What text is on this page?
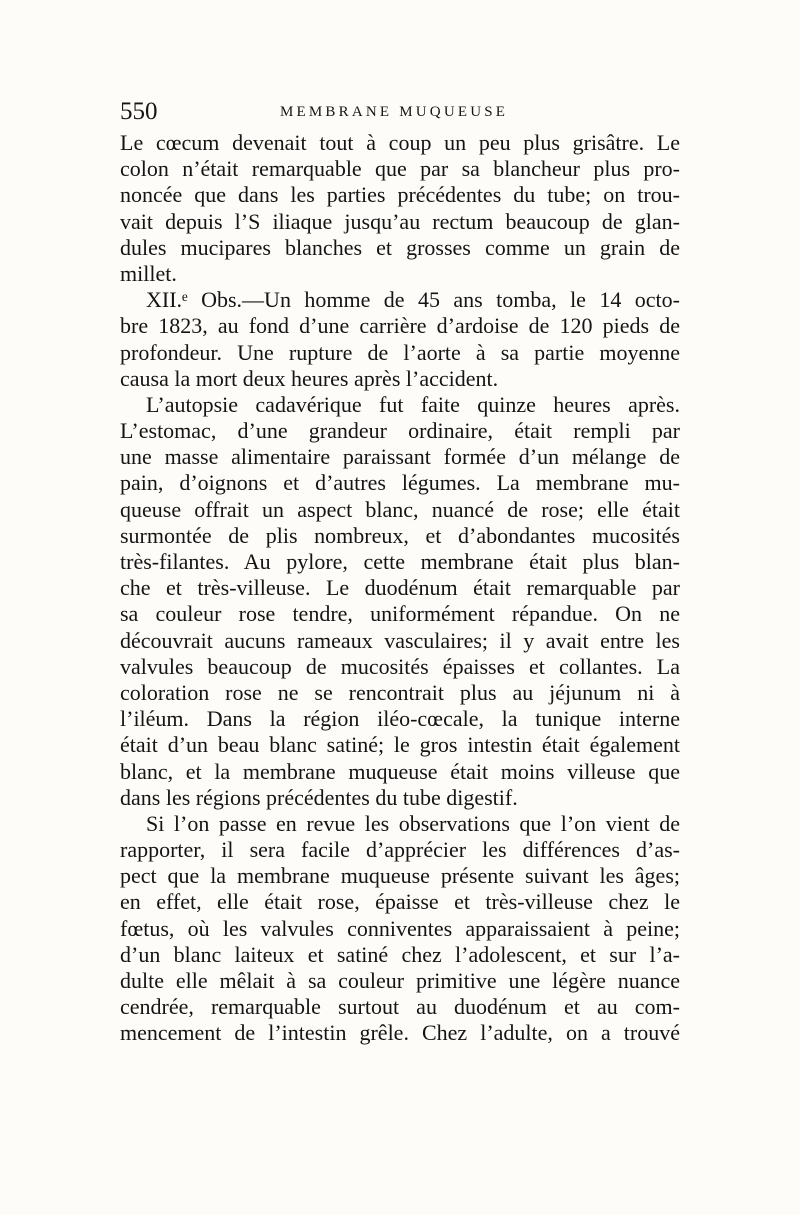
550	MEMBRANE MUQUEUSE
Le cœcum devenait tout à coup un peu plus grisâtre. Le
colon n’était remarquable que par sa blancheur plus pro-
noncée que dans les parties précédentes du tube; on trou-
vait depuis l’S iliaque jusqu’au rectum beaucoup de glan-
dules mucipares blanches et grosses comme un grain de
millet.
XII.ᵉ Obs.—Un homme de 45 ans tomba, le 14 octo-
bre 1823, au fond d’une carrière d’ardoise de 120 pieds de
profondeur. Une rupture de l’aorte à sa partie moyenne
causa la mort deux heures après l’accident.
L’autopsie cadavérique fut faite quinze heures après.
L’estomac, d’une grandeur ordinaire, était rempli par
une masse alimentaire paraissant formée d’un mélange de
pain, d’oignons et d’autres légumes. La membrane mu-
queuse offrait un aspect blanc, nuancé de rose; elle était
surmontée de plis nombreux, et d’abondantes mucosités
très-filantes. Au pylore, cette membrane était plus blan-
che et très-villeuse. Le duodénum était remarquable par
sa couleur rose tendre, uniformément répandue. On ne
découvrait aucuns rameaux vasculaires; il y avait entre les
valvules beaucoup de mucosités épaisses et collantes. La
coloration rose ne se rencontrait plus au jéjunum ni à
l’iléum. Dans la région iléo-cœcale, la tunique interne
était d’un beau blanc satiné; le gros intestin était également
blanc, et la membrane muqueuse était moins villeuse que
dans les régions précédentes du tube digestif.
Si l’on passe en revue les observations que l’on vient de
rapporter, il sera facile d’apprécier les différences d’as-
pect que la membrane muqueuse présente suivant les âges;
en effet, elle était rose, épaisse et très-villeuse chez le
fœtus, où les valvules conniventes apparaissaient à peine;
d’un blanc laiteux et satiné chez l’adolescent, et sur l’a-
dulte elle mêlait à sa couleur primitive une légère nuance
cendrée, remarquable surtout au duodénum et au com-
mencement de l’intestin grêle. Chez l’adulte, on a trouvé
